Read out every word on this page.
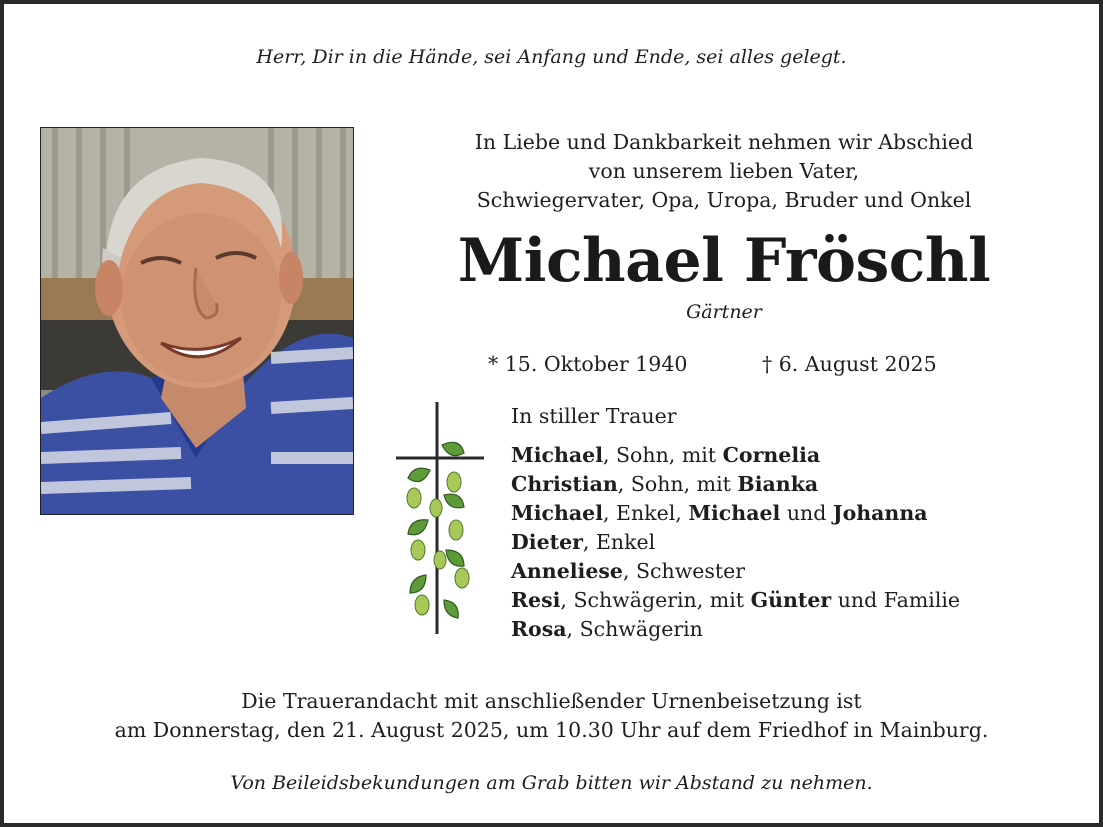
Herr, Dir in die Hände, sei Anfang und Ende, sei alles gelegt.
In Liebe und Dankbarkeit nehmen wir Abschied
von unserem lieben Vater,
Schwiegervater, Opa, Uropa, Bruder und Onkel
Michael Fröschl
Gärtner
* 15. Oktober 1940	† 6. August 2025
In stiller Trauer
Michael, Sohn, mit Cornelia
Christian, Sohn, mit Bianka
Michael, Enkel, Michael und Johanna
Dieter, Enkel
Anneliese, Schwester
Resi, Schwägerin, mit Günter und Familie
Rosa, Schwägerin
Die Trauerandacht mit anschließender Urnenbeisetzung ist
am Donnerstag, den 21. August 2025, um 10.30 Uhr auf dem Friedhof in Mainburg.
Von Beileidsbekundungen am Grab bitten wir Abstand zu nehmen.
